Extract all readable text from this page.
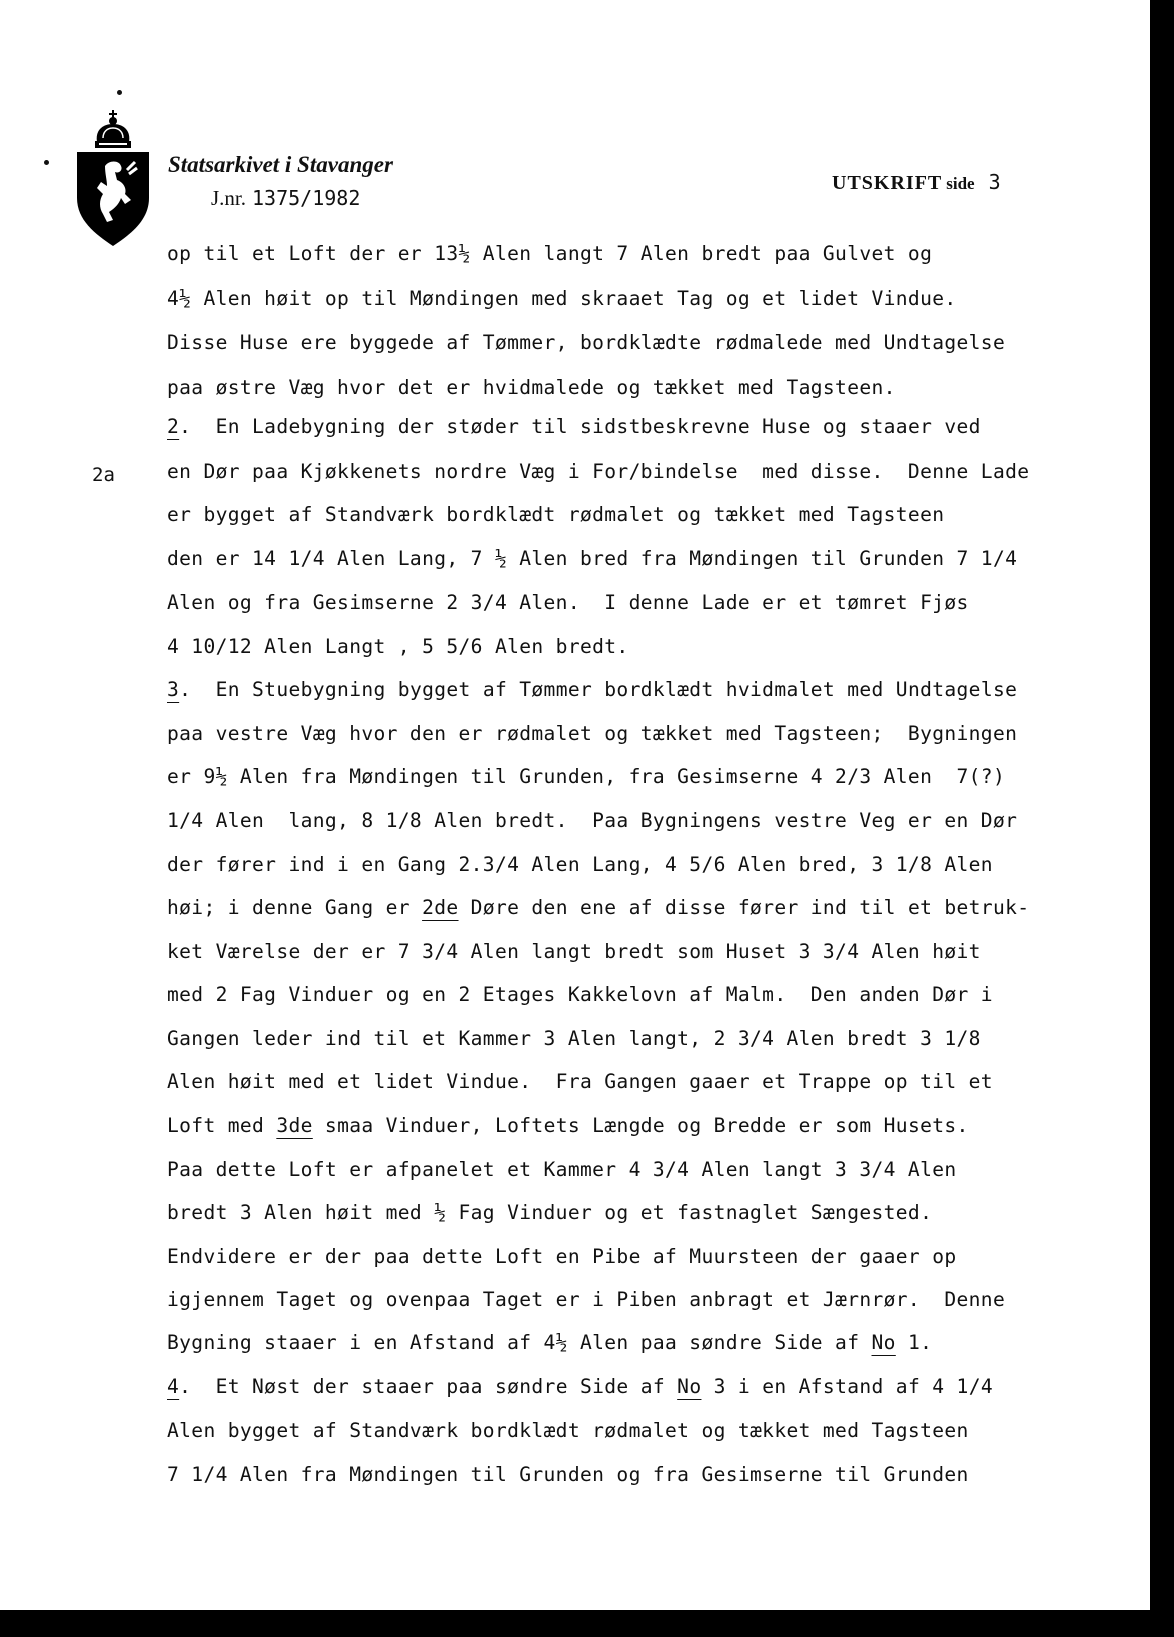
Statsarkivet i Stavanger
J.nr. 1375/1982
UTSKRIFT side 3
2a
op til et Loft der er 13½ Alen langt 7 Alen bredt paa Gulvet og
4½ Alen høit op til Møndingen med skraaet Tag og et lidet Vindue.
Disse Huse ere byggede af Tømmer, bordklædte rødmalede med Undtagelse
paa østre Væg hvor det er hvidmalede og tækket med Tagsteen.
2.  En Ladebygning der støder til sidstbeskrevne Huse og staaer ved
en Dør paa Kjøkkenets nordre Væg i For/bindelse  med disse.  Denne Lade
er bygget af Standværk bordklædt rødmalet og tækket med Tagsteen
den er 14 1/4 Alen Lang, 7 ½ Alen bred fra Møndingen til Grunden 7 1/4
Alen og fra Gesimserne 2 3/4 Alen.  I denne Lade er et tømret Fjøs
4 10/12 Alen Langt , 5 5/6 Alen bredt.
3.  En Stuebygning bygget af Tømmer bordklædt hvidmalet med Undtagelse
paa vestre Væg hvor den er rødmalet og tækket med Tagsteen;  Bygningen
er 9½ Alen fra Møndingen til Grunden, fra Gesimserne 4 2/3 Alen  7(?)
1/4 Alen  lang, 8 1/8 Alen bredt.  Paa Bygningens vestre Veg er en Dør
der fører ind i en Gang 2.3/4 Alen Lang, 4 5/6 Alen bred, 3 1/8 Alen
høi; i denne Gang er 2de Døre den ene af disse fører ind til et betruk-
ket Værelse der er 7 3/4 Alen langt bredt som Huset 3 3/4 Alen høit
med 2 Fag Vinduer og en 2 Etages Kakkelovn af Malm.  Den anden Dør i
Gangen leder ind til et Kammer 3 Alen langt, 2 3/4 Alen bredt 3 1/8
Alen høit med et lidet Vindue.  Fra Gangen gaaer et Trappe op til et
Loft med 3de smaa Vinduer, Loftets Længde og Bredde er som Husets.
Paa dette Loft er afpanelet et Kammer 4 3/4 Alen langt 3 3/4 Alen
bredt 3 Alen høit med ½ Fag Vinduer og et fastnaglet Sængested.
Endvidere er der paa dette Loft en Pibe af Muursteen der gaaer op
igjennem Taget og ovenpaa Taget er i Piben anbragt et Jærnrør.  Denne
Bygning staaer i en Afstand af 4½ Alen paa søndre Side af No 1.
4.  Et Nøst der staaer paa søndre Side af No 3 i en Afstand af 4 1/4
Alen bygget af Standværk bordklædt rødmalet og tækket med Tagsteen
7 1/4 Alen fra Møndingen til Grunden og fra Gesimserne til Grunden
